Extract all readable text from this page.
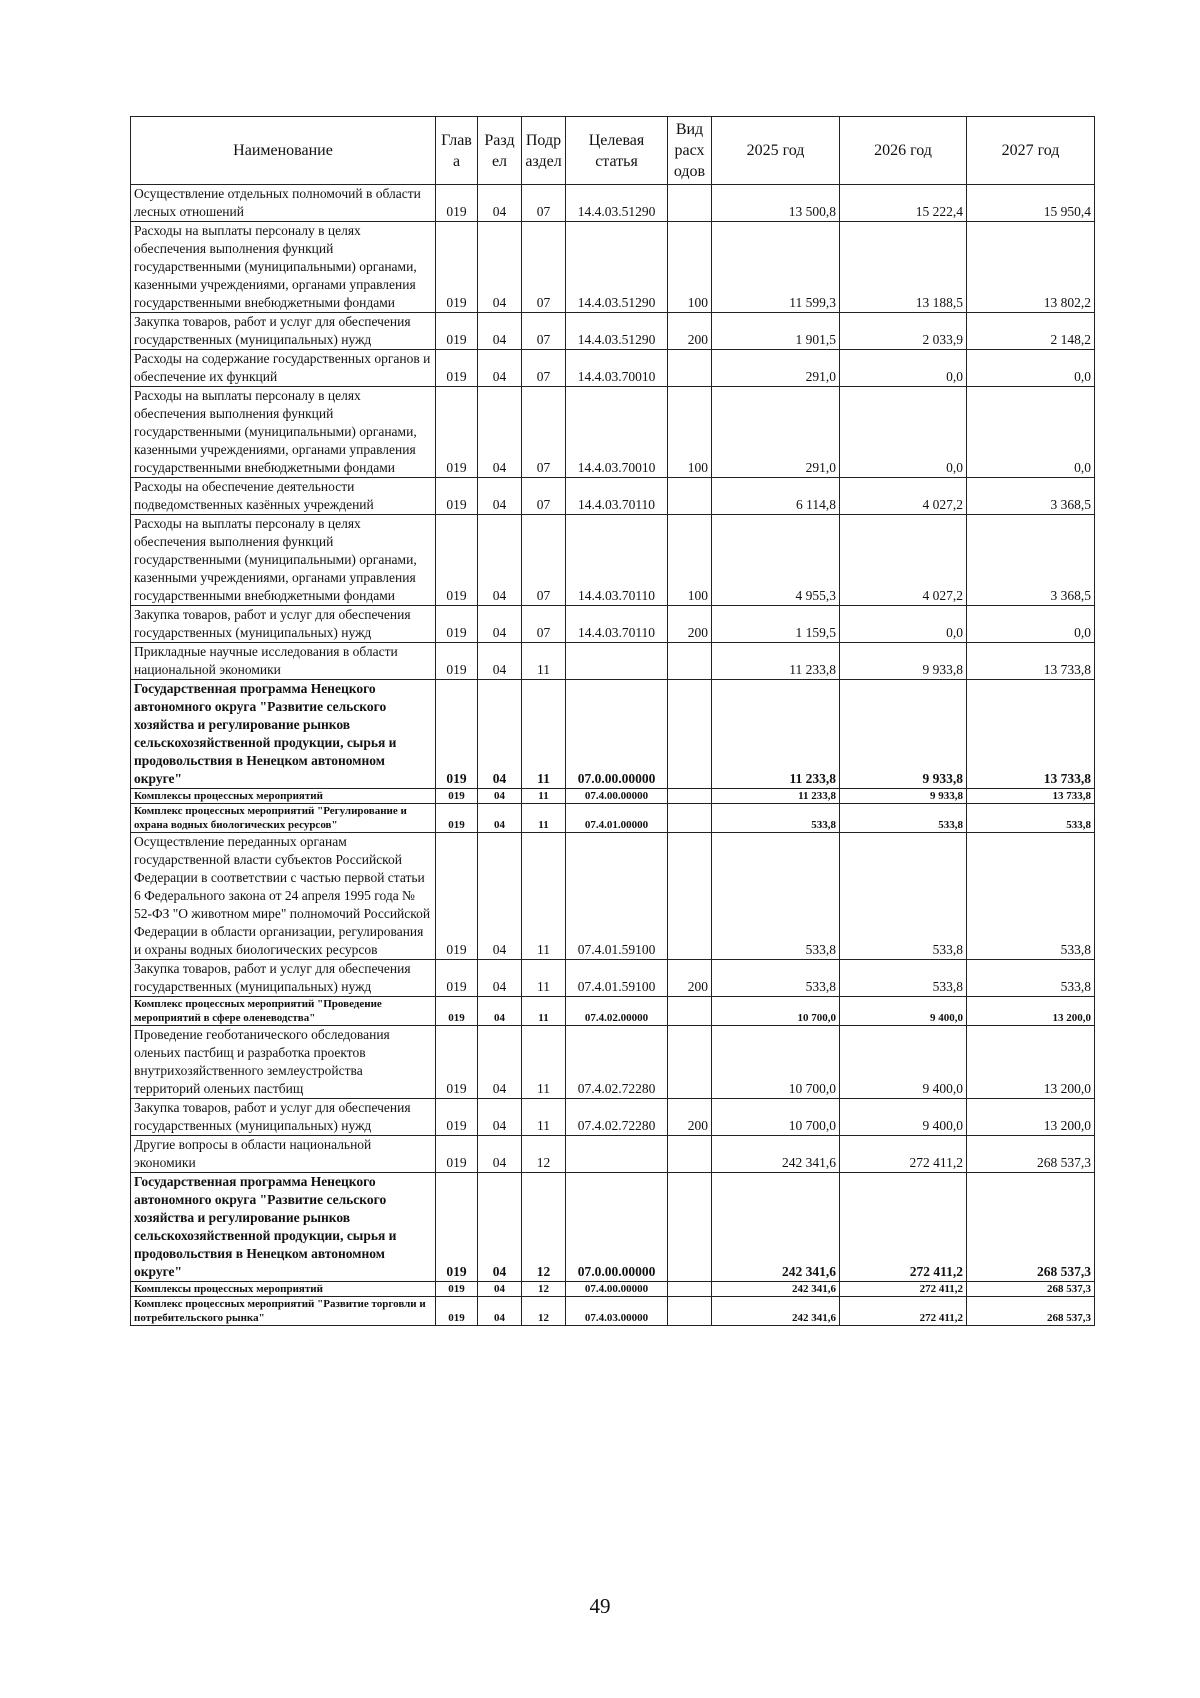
Наименование	Глав а	Разд ел	Подр аздел	Целевая статья	Вид расх одов	2025 год	2026 год	2027 год
Осуществление отдельных полномочий в области лесных отношений	019	04	07	14.4.03.51290		13 500,8	15 222,4	15 950,4
Расходы на выплаты персоналу в целях обеспечения выполнения функций государственными (муниципальными) органами, казенными учреждениями, органами управления государственными внебюджетными фондами	019	04	07	14.4.03.51290	100	11 599,3	13 188,5	13 802,2
Закупка товаров, работ и услуг для обеспечения государственных (муниципальных) нужд	019	04	07	14.4.03.51290	200	1 901,5	2 033,9	2 148,2
Расходы на содержание государственных органов и обеспечение их функций	019	04	07	14.4.03.70010		291,0	0,0	0,0
Расходы на выплаты персоналу в целях обеспечения выполнения функций государственными (муниципальными) органами, казенными учреждениями, органами управления государственными внебюджетными фондами	019	04	07	14.4.03.70010	100	291,0	0,0	0,0
Расходы на обеспечение деятельности подведомственных казённых учреждений	019	04	07	14.4.03.70110		6 114,8	4 027,2	3 368,5
Расходы на выплаты персоналу в целях обеспечения выполнения функций государственными (муниципальными) органами, казенными учреждениями, органами управления государственными внебюджетными фондами	019	04	07	14.4.03.70110	100	4 955,3	4 027,2	3 368,5
Закупка товаров, работ и услуг для обеспечения государственных (муниципальных) нужд	019	04	07	14.4.03.70110	200	1 159,5	0,0	0,0
Прикладные научные исследования в области национальной экономики	019	04	11			11 233,8	9 933,8	13 733,8
Государственная программа Ненецкого автономного округа "Развитие сельского хозяйства и регулирование рынков сельскохозяйственной продукции, сырья и продовольствия в Ненецком автономном округе"	019	04	11	07.0.00.00000		11 233,8	9 933,8	13 733,8
Комплексы процессных мероприятий	019	04	11	07.4.00.00000		11 233,8	9 933,8	13 733,8
Комплекс процессных мероприятий "Регулирование и охрана водных биологических ресурсов"	019	04	11	07.4.01.00000		533,8	533,8	533,8
Осуществление переданных органам государственной власти субъектов Российской Федерации в соответствии с частью первой статьи 6 Федерального закона от 24 апреля 1995 года № 52-ФЗ "О животном мире" полномочий Российской Федерации в области организации, регулирования и охраны водных биологических ресурсов	019	04	11	07.4.01.59100		533,8	533,8	533,8
Закупка товаров, работ и услуг для обеспечения государственных (муниципальных) нужд	019	04	11	07.4.01.59100	200	533,8	533,8	533,8
Комплекс процессных мероприятий "Проведение мероприятий в сфере оленеводства"	019	04	11	07.4.02.00000		10 700,0	9 400,0	13 200,0
Проведение геоботанического обследования оленьих пастбищ и разработка проектов внутрихозяйственного землеустройства территорий оленьих пастбищ	019	04	11	07.4.02.72280		10 700,0	9 400,0	13 200,0
Закупка товаров, работ и услуг для обеспечения государственных (муниципальных) нужд	019	04	11	07.4.02.72280	200	10 700,0	9 400,0	13 200,0
Другие вопросы в области национальной экономики	019	04	12			242 341,6	272 411,2	268 537,3
Государственная программа Ненецкого автономного округа "Развитие сельского хозяйства и регулирование рынков сельскохозяйственной продукции, сырья и продовольствия в Ненецком автономном округе"	019	04	12	07.0.00.00000		242 341,6	272 411,2	268 537,3
Комплексы процессных мероприятий	019	04	12	07.4.00.00000		242 341,6	272 411,2	268 537,3
Комплекс процессных мероприятий "Развитие торговли и потребительского рынка"	019	04	12	07.4.03.00000		242 341,6	272 411,2	268 537,3
49
